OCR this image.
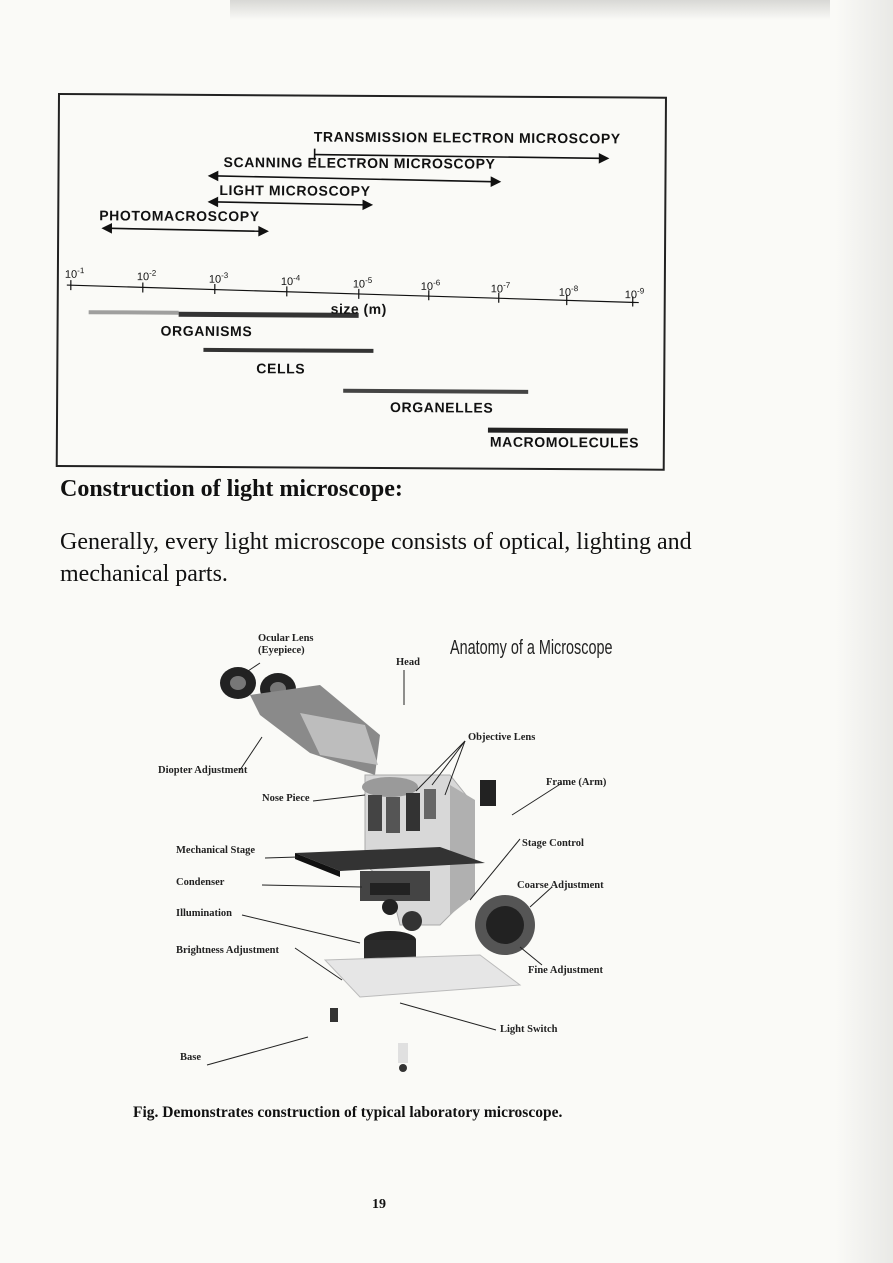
TRANSMISSION ELECTRON MICROSCOPY
SCANNING ELECTRON MICROSCOPY
LIGHT MICROSCOPY
PHOTOMACROSCOPY
$10^{-1}$
$10^{-2}$
$10^{-3}$
$10^{-4}$
$10^{-5}$
$10^{-6}$
$10^{-7}$
$10^{-8}$
$10^{-9}$
size (m)
ORGANISMS
CELLS
ORGANELLES
MACROMOLECULES
Construction of light microscope:

Generally, every light microscope consists of optical, lighting and mechanical parts.

Anatomy of a Microscope
Ocular Lens
(Eyepiece)
Head
Diopter Adjustment
Objective Lens
Frame (Arm)
Nose Piece
Mechanical Stage
Stage Control
Condenser	Coarse Adjustment
Illumination
Brightness Adjustment
Fine Adjustment
Light Switch
Base
Fig. Demonstrates construction of typical laboratory microscope.
19
